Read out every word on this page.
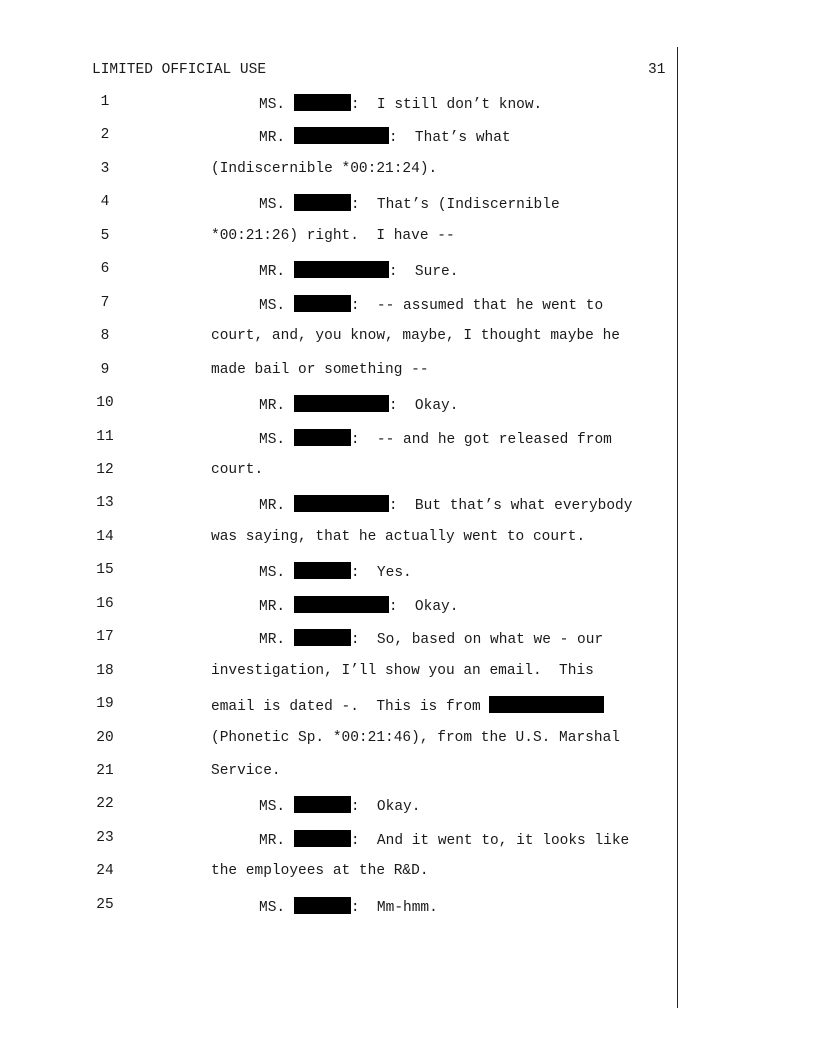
LIMITED OFFICIAL USE	31
1	MS.	:  I still don’t know.
2	MR.	:  That’s what
3	(Indiscernible *00:21:24).
4	MS.	:  That’s (Indiscernible
5	*00:21:26) right.  I have --
6	MR.	:  Sure.
7	MS.	:  -- assumed that he went to
8	court, and, you know, maybe, I thought maybe he
9	made bail or something --
10	MR.	:  Okay.
11	MS.	:  -- and he got released from
12	court.
13	MR.	:  But that’s what everybody
14	was saying, that he actually went to court.
15	MS.	:  Yes.
16	MR.	:  Okay.
17	MR.	:  So, based on what we - our
18	investigation, I’ll show you an email.  This
19	email is dated -.  This is from
20	(Phonetic Sp. *00:21:46), from the U.S. Marshal
21	Service.
22	MS.	:  Okay.
23	MR.	:  And it went to, it looks like
24	the employees at the R&D.
25	MS.	:  Mm-hmm.
